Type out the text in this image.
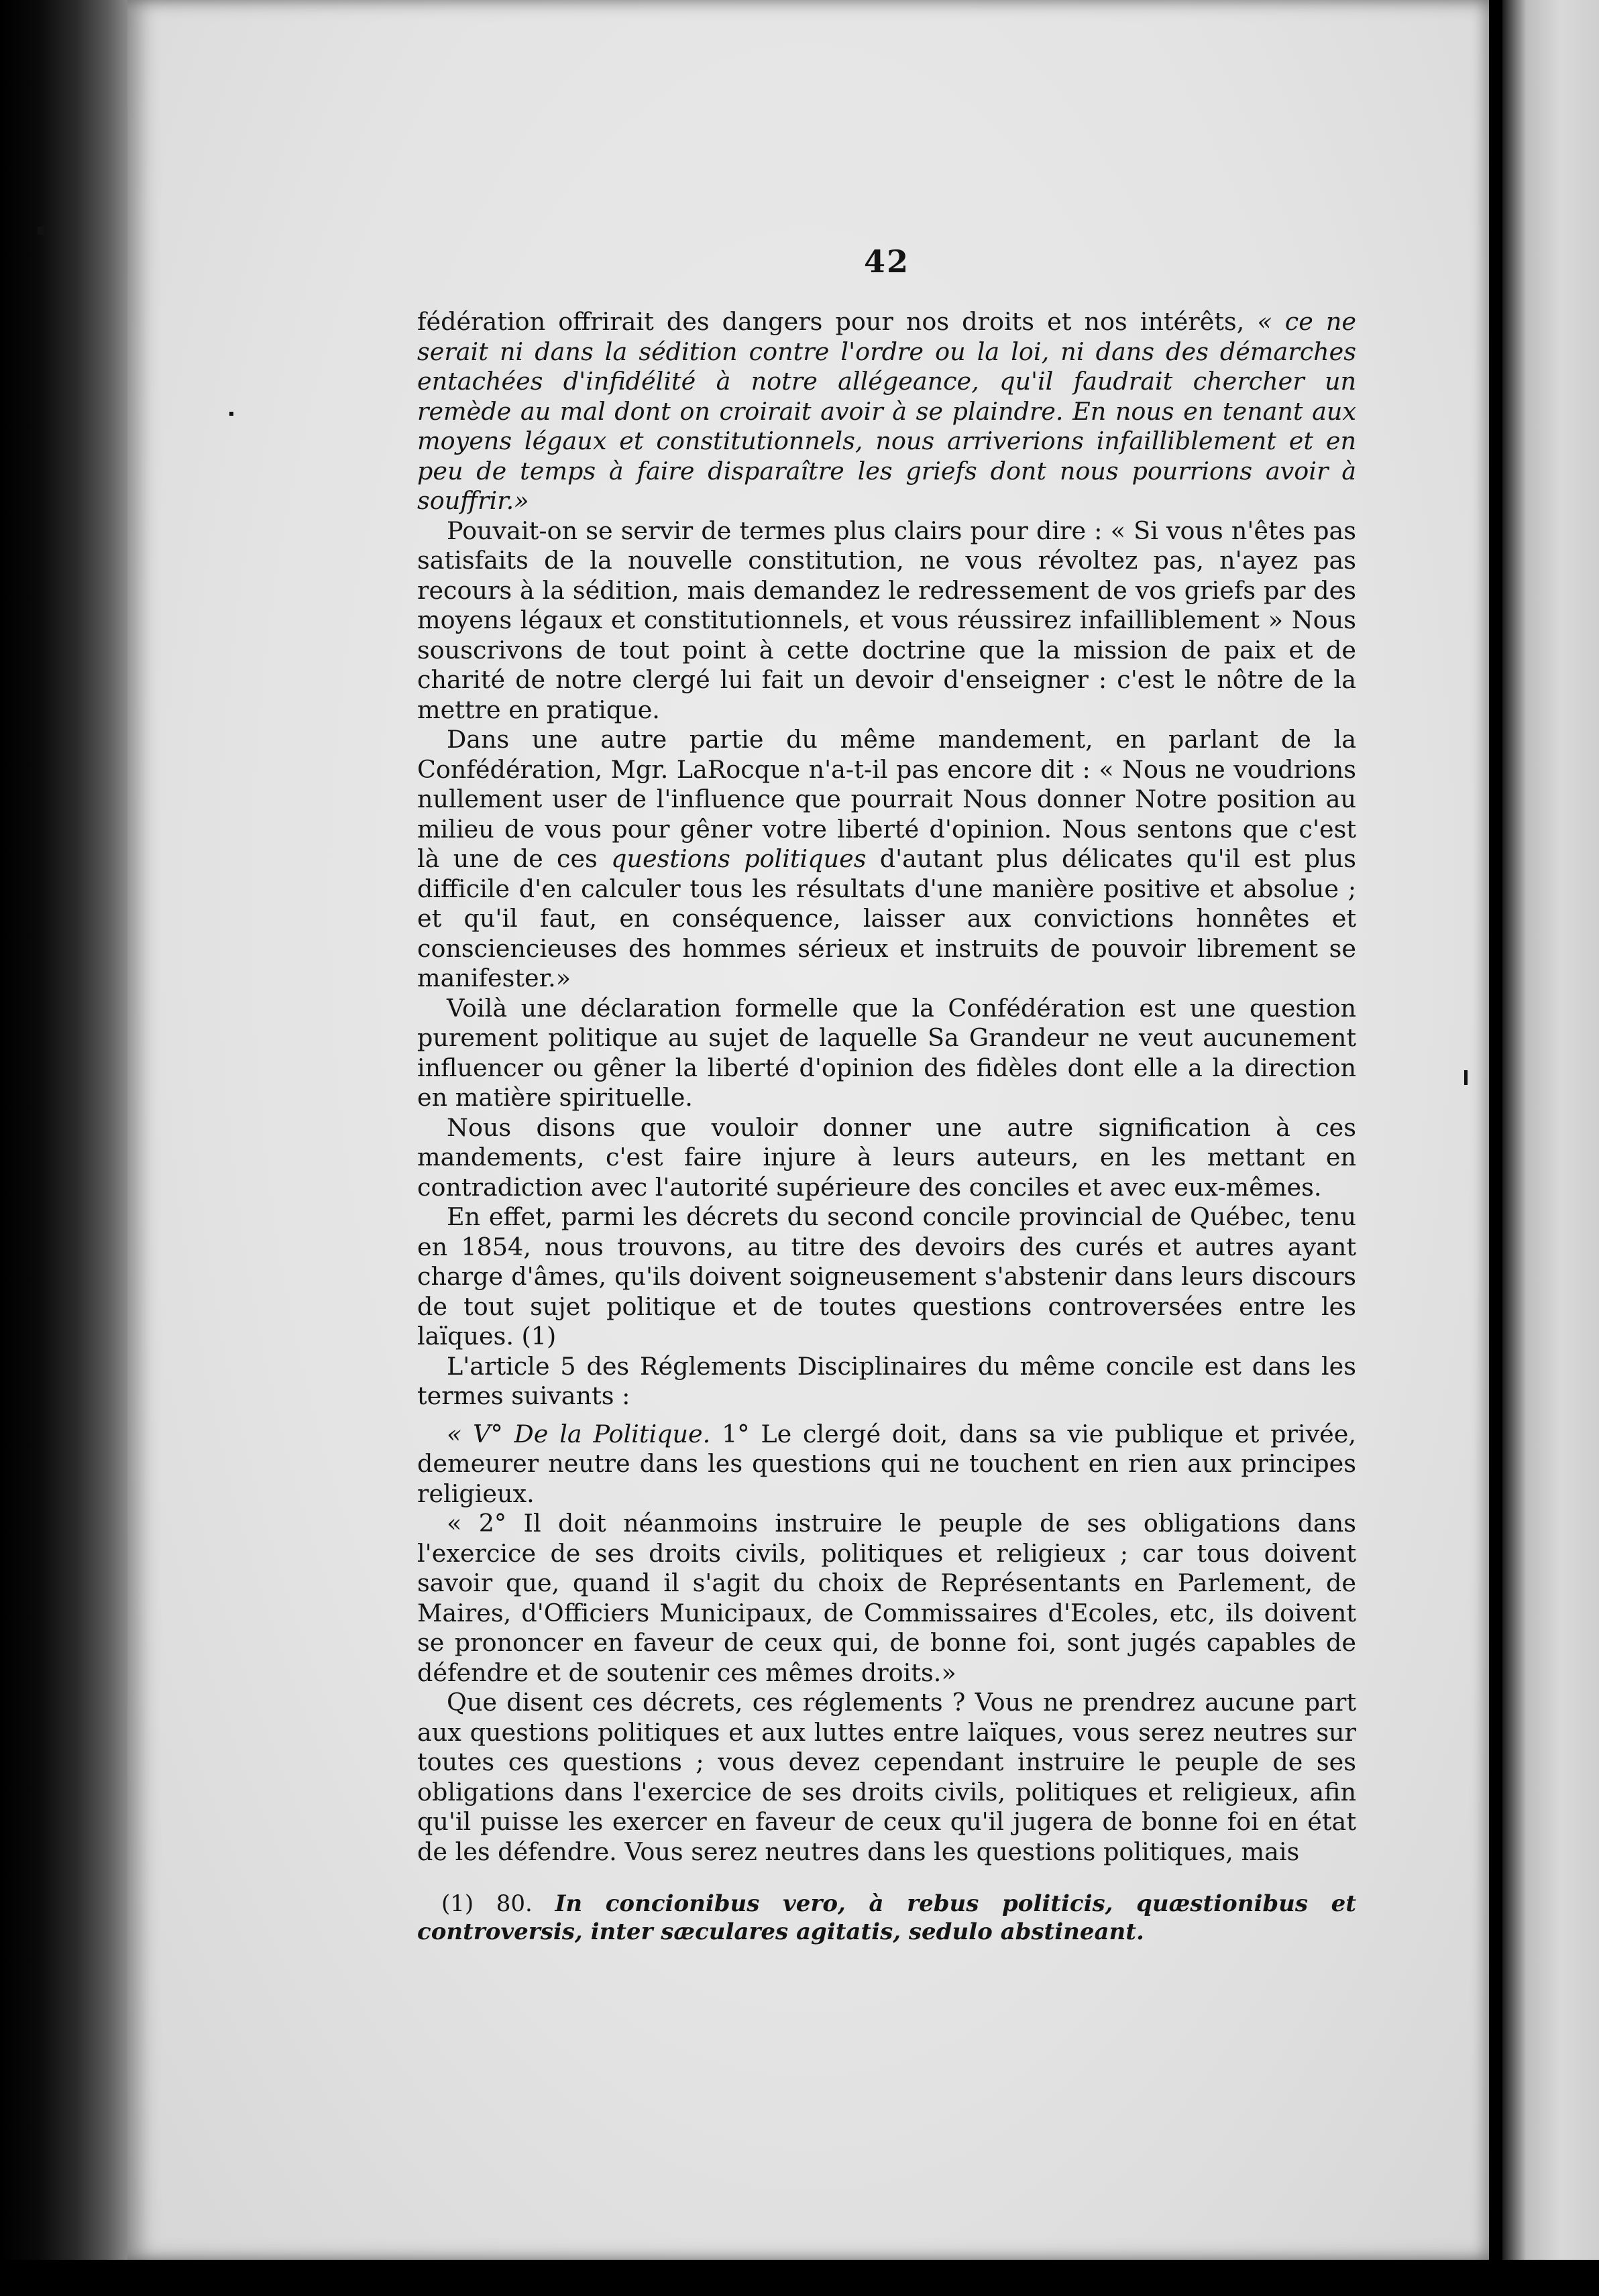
42

fédération offrirait des dangers pour nos droits et nos intérêts, « ce ne serait ni dans la sédition contre l'ordre ou la loi, ni dans des démarches entachées d'infidélité à notre allégeance, qu'il faudrait chercher un remède au mal dont on croirait avoir à se plaindre. En nous en tenant aux moyens légaux et constitutionnels, nous arriverions infailliblement et en peu de temps à faire disparaître les griefs dont nous pourrions avoir à souffrir.»

Pouvait-on se servir de termes plus clairs pour dire : « Si vous n'êtes pas satisfaits de la nouvelle constitution, ne vous révoltez pas, n'ayez pas recours à la sédition, mais demandez le redressement de vos griefs par des moyens légaux et constitutionnels, et vous réussirez infailliblement » Nous souscrivons de tout point à cette doctrine que la mission de paix et de charité de notre clergé lui fait un devoir d'enseigner : c'est le nôtre de la mettre en pratique.

Dans une autre partie du même mandement, en parlant de la Confédération, Mgr. LaRocque n'a-t-il pas encore dit : « Nous ne voudrions nullement user de l'influence que pourrait Nous donner Notre position au milieu de vous pour gêner votre liberté d'opinion. Nous sentons que c'est là une de ces questions politiques d'autant plus délicates qu'il est plus difficile d'en calculer tous les résultats d'une manière positive et absolue ; et qu'il faut, en conséquence, laisser aux convictions honnêtes et consciencieuses des hommes sérieux et instruits de pouvoir librement se manifester.»

Voilà une déclaration formelle que la Confédération est une question purement politique au sujet de laquelle Sa Grandeur ne veut aucunement influencer ou gêner la liberté d'opinion des fidèles dont elle a la direction en matière spirituelle.

Nous disons que vouloir donner une autre signification à ces mandements, c'est faire injure à leurs auteurs, en les mettant en contradiction avec l'autorité supérieure des conciles et avec eux-mêmes.

En effet, parmi les décrets du second concile provincial de Québec, tenu en 1854, nous trouvons, au titre des devoirs des curés et autres ayant charge d'âmes, qu'ils doivent soigneusement s'abstenir dans leurs discours de tout sujet politique et de toutes questions controversées entre les laïques. (1)

L'article 5 des Réglements Disciplinaires du même concile est dans les termes suivants :

« V° De la Politique. 1° Le clergé doit, dans sa vie publique et privée, demeurer neutre dans les questions qui ne touchent en rien aux principes religieux.

« 2° Il doit néanmoins instruire le peuple de ses obligations dans l'exercice de ses droits civils, politiques et religieux ; car tous doivent savoir que, quand il s'agit du choix de Représentants en Parlement, de Maires, d'Officiers Municipaux, de Commissaires d'Ecoles, etc, ils doivent se prononcer en faveur de ceux qui, de bonne foi, sont jugés capables de défendre et de soutenir ces mêmes droits.»

Que disent ces décrets, ces réglements ? Vous ne prendrez aucune part aux questions politiques et aux luttes entre laïques, vous serez neutres sur toutes ces questions ; vous devez cependant instruire le peuple de ses obligations dans l'exercice de ses droits civils, politiques et religieux, afin qu'il puisse les exercer en faveur de ceux qu'il jugera de bonne foi en état de les défendre. Vous serez neutres dans les questions politiques, mais

(1) 80. In concionibus vero, à rebus politicis, quæstionibus et controversis, inter sæculares agitatis, sedulo abstineant.
